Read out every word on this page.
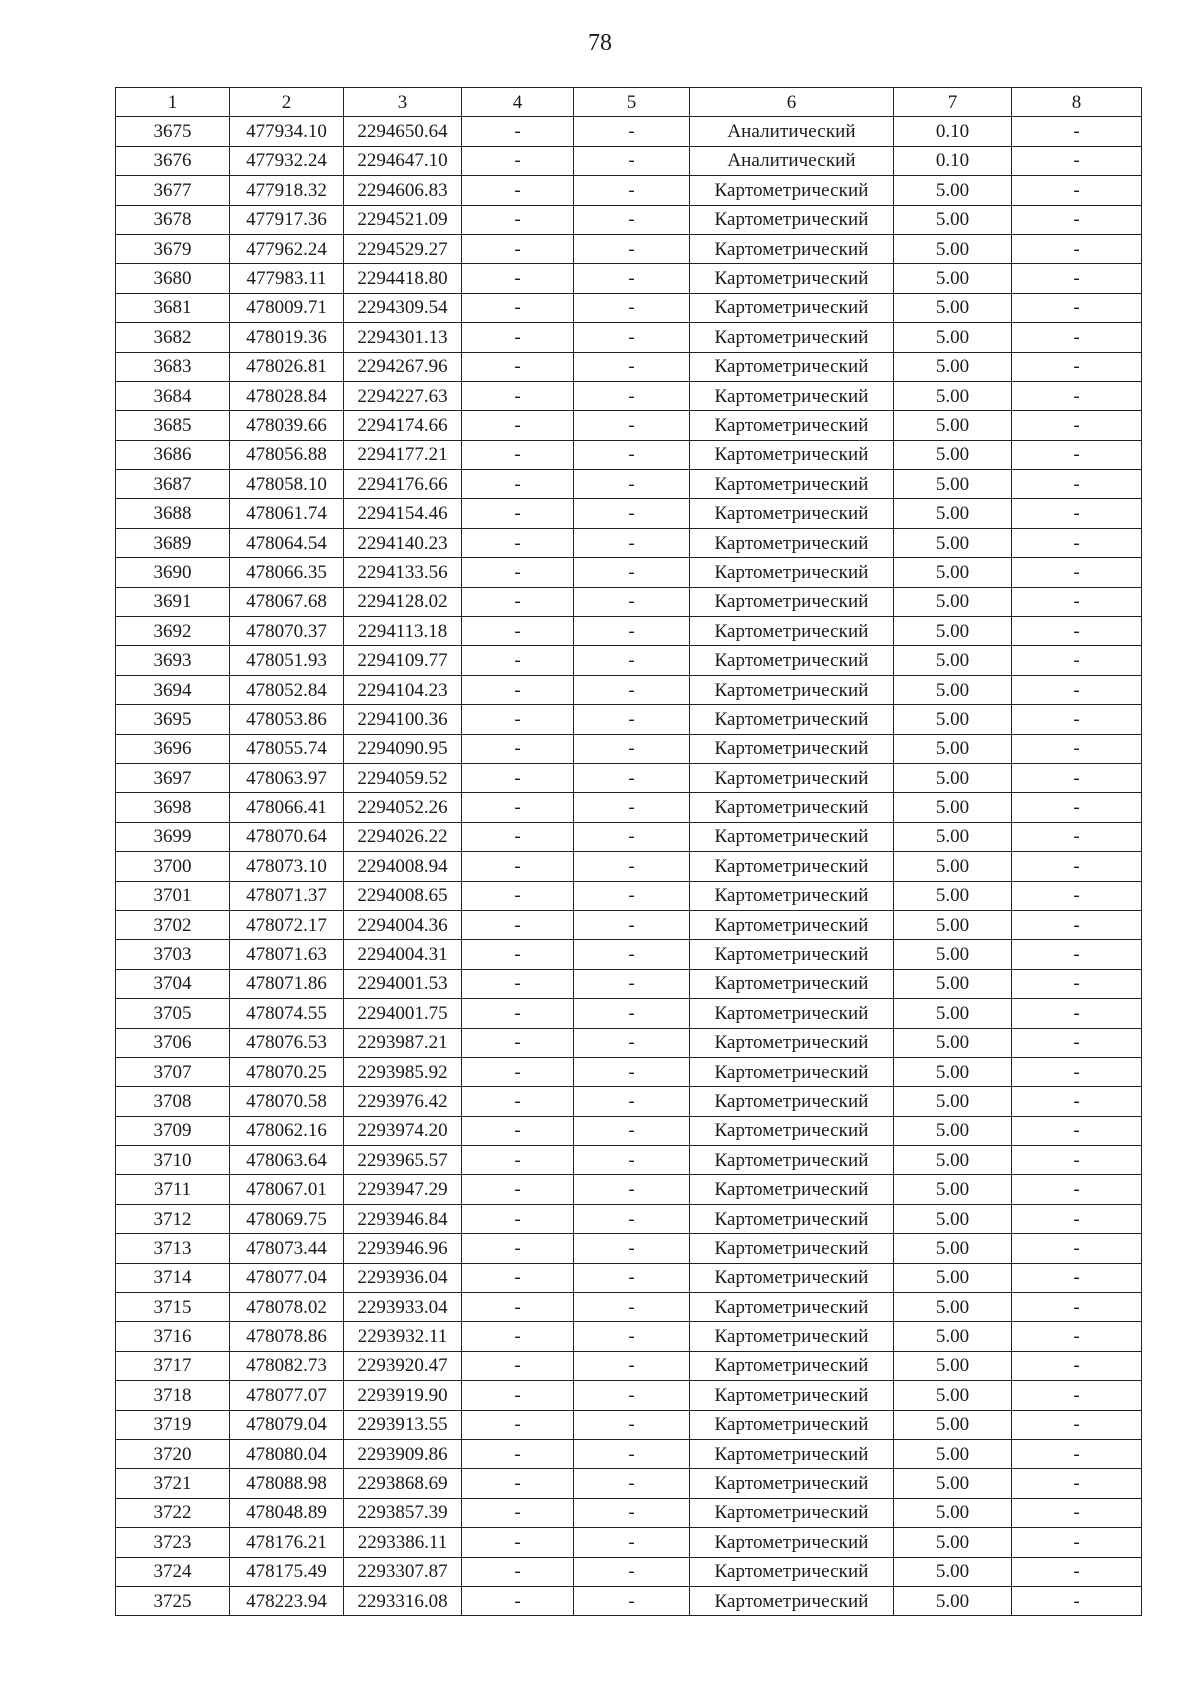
78
1	2	3	4	5	6	7	8
3675	477934.10	2294650.64	-	-	Аналитический	0.10	-
3676	477932.24	2294647.10	-	-	Аналитический	0.10	-
3677	477918.32	2294606.83	-	-	Картометрический	5.00	-
3678	477917.36	2294521.09	-	-	Картометрический	5.00	-
3679	477962.24	2294529.27	-	-	Картометрический	5.00	-
3680	477983.11	2294418.80	-	-	Картометрический	5.00	-
3681	478009.71	2294309.54	-	-	Картометрический	5.00	-
3682	478019.36	2294301.13	-	-	Картометрический	5.00	-
3683	478026.81	2294267.96	-	-	Картометрический	5.00	-
3684	478028.84	2294227.63	-	-	Картометрический	5.00	-
3685	478039.66	2294174.66	-	-	Картометрический	5.00	-
3686	478056.88	2294177.21	-	-	Картометрический	5.00	-
3687	478058.10	2294176.66	-	-	Картометрический	5.00	-
3688	478061.74	2294154.46	-	-	Картометрический	5.00	-
3689	478064.54	2294140.23	-	-	Картометрический	5.00	-
3690	478066.35	2294133.56	-	-	Картометрический	5.00	-
3691	478067.68	2294128.02	-	-	Картометрический	5.00	-
3692	478070.37	2294113.18	-	-	Картометрический	5.00	-
3693	478051.93	2294109.77	-	-	Картометрический	5.00	-
3694	478052.84	2294104.23	-	-	Картометрический	5.00	-
3695	478053.86	2294100.36	-	-	Картометрический	5.00	-
3696	478055.74	2294090.95	-	-	Картометрический	5.00	-
3697	478063.97	2294059.52	-	-	Картометрический	5.00	-
3698	478066.41	2294052.26	-	-	Картометрический	5.00	-
3699	478070.64	2294026.22	-	-	Картометрический	5.00	-
3700	478073.10	2294008.94	-	-	Картометрический	5.00	-
3701	478071.37	2294008.65	-	-	Картометрический	5.00	-
3702	478072.17	2294004.36	-	-	Картометрический	5.00	-
3703	478071.63	2294004.31	-	-	Картометрический	5.00	-
3704	478071.86	2294001.53	-	-	Картометрический	5.00	-
3705	478074.55	2294001.75	-	-	Картометрический	5.00	-
3706	478076.53	2293987.21	-	-	Картометрический	5.00	-
3707	478070.25	2293985.92	-	-	Картометрический	5.00	-
3708	478070.58	2293976.42	-	-	Картометрический	5.00	-
3709	478062.16	2293974.20	-	-	Картометрический	5.00	-
3710	478063.64	2293965.57	-	-	Картометрический	5.00	-
3711	478067.01	2293947.29	-	-	Картометрический	5.00	-
3712	478069.75	2293946.84	-	-	Картометрический	5.00	-
3713	478073.44	2293946.96	-	-	Картометрический	5.00	-
3714	478077.04	2293936.04	-	-	Картометрический	5.00	-
3715	478078.02	2293933.04	-	-	Картометрический	5.00	-
3716	478078.86	2293932.11	-	-	Картометрический	5.00	-
3717	478082.73	2293920.47	-	-	Картометрический	5.00	-
3718	478077.07	2293919.90	-	-	Картометрический	5.00	-
3719	478079.04	2293913.55	-	-	Картометрический	5.00	-
3720	478080.04	2293909.86	-	-	Картометрический	5.00	-
3721	478088.98	2293868.69	-	-	Картометрический	5.00	-
3722	478048.89	2293857.39	-	-	Картометрический	5.00	-
3723	478176.21	2293386.11	-	-	Картометрический	5.00	-
3724	478175.49	2293307.87	-	-	Картометрический	5.00	-
3725	478223.94	2293316.08	-	-	Картометрический	5.00	-
